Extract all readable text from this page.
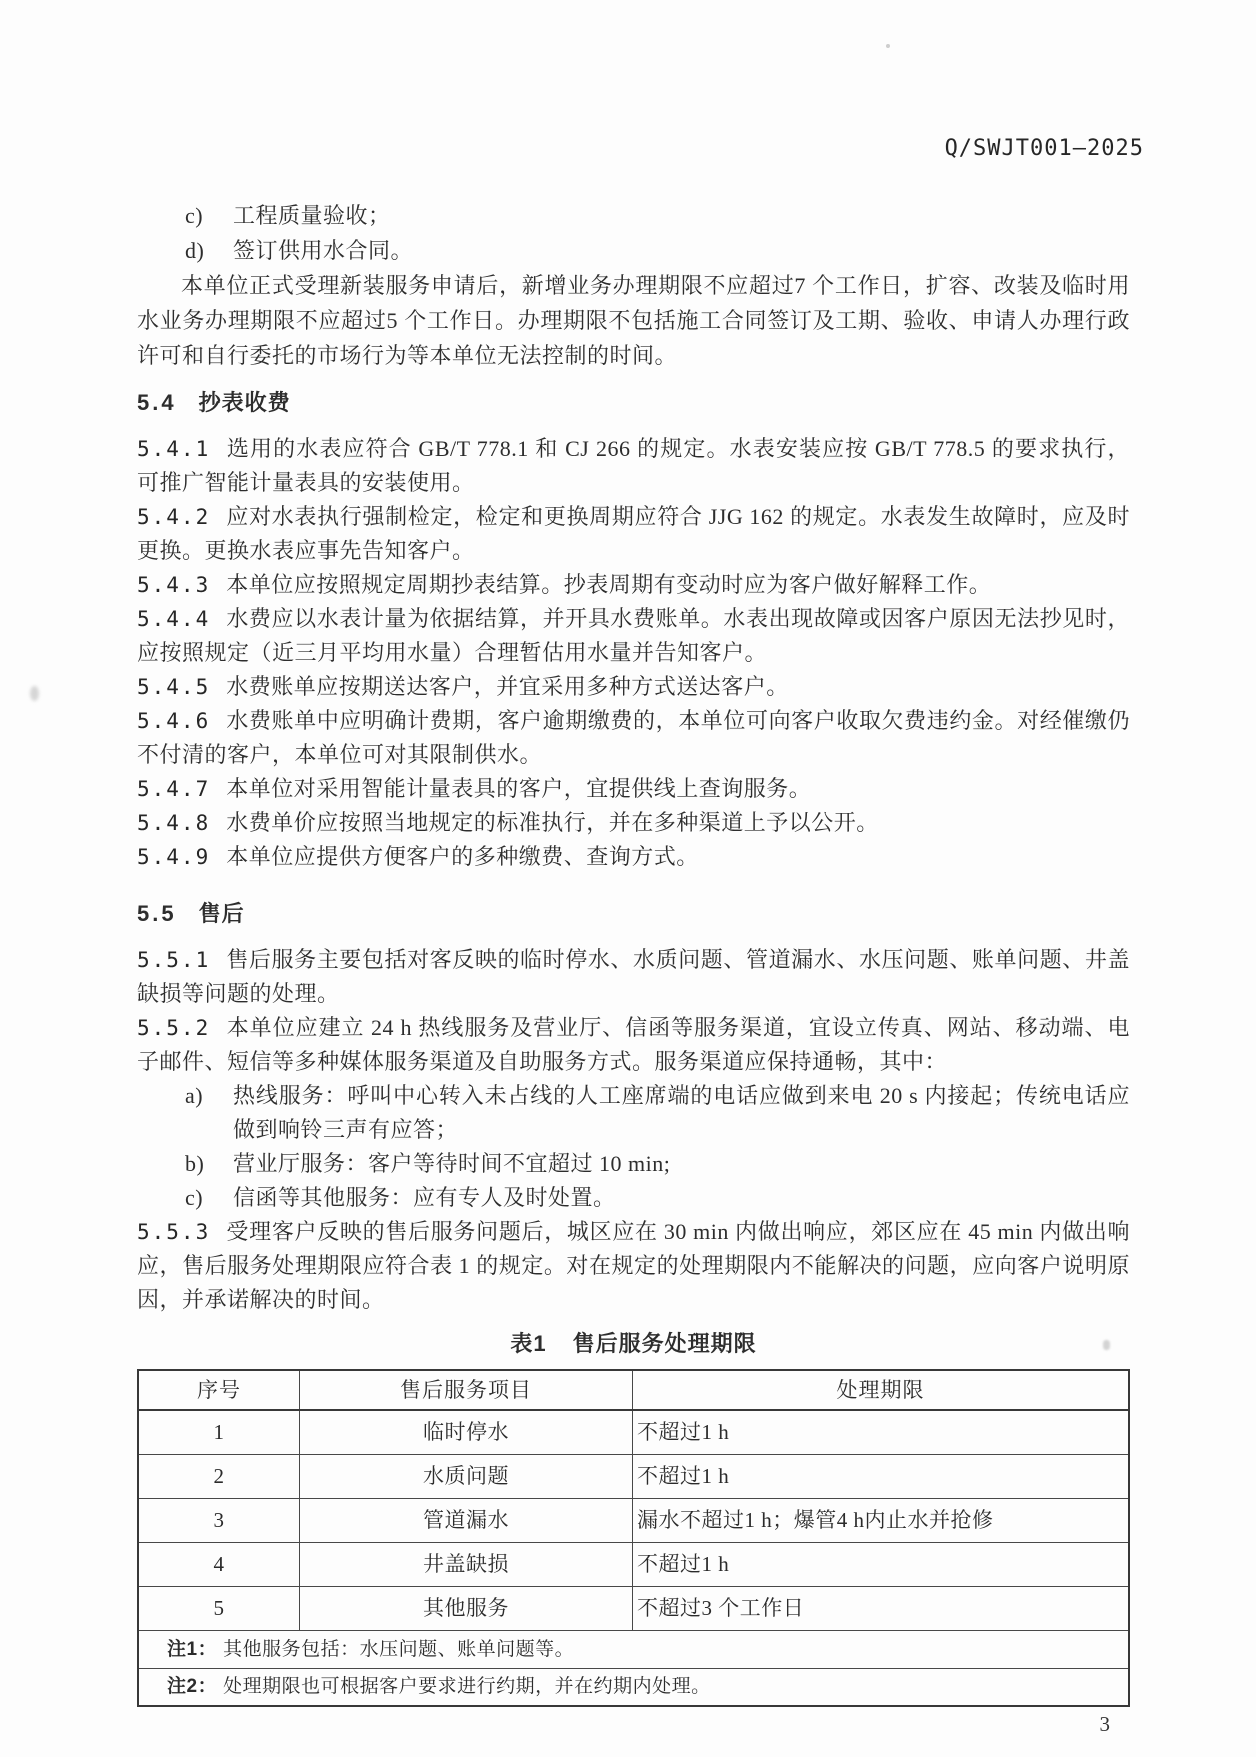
Q/SWJT001—2025

c) 工程质量验收；

d) 签订供用水合同。

本单位正式受理新装服务申请后，新增业务办理期限不应超过7 个工作日，扩容、改装及临时用水业务办理期限不应超过5 个工作日。办理期限不包括施工合同签订及工期、验收、申请人办理行政许可和自行委托的市场行为等本单位无法控制的时间。

5.4 抄表收费

5.4.1 选用的水表应符合 GB/T 778.1 和 CJ 266 的规定。水表安装应按 GB/T 778.5 的要求执行，可推广智能计量表具的安装使用。

5.4.2 应对水表执行强制检定，检定和更换周期应符合 JJG 162 的规定。水表发生故障时，应及时更换。更换水表应事先告知客户。

5.4.3 本单位应按照规定周期抄表结算。抄表周期有变动时应为客户做好解释工作。

5.4.4 水费应以水表计量为依据结算，并开具水费账单。水表出现故障或因客户原因无法抄见时，应按照规定（近三月平均用水量）合理暂估用水量并告知客户。

5.4.5 水费账单应按期送达客户，并宜采用多种方式送达客户。

5.4.6 水费账单中应明确计费期，客户逾期缴费的，本单位可向客户收取欠费违约金。对经催缴仍不付清的客户，本单位可对其限制供水。

5.4.7 本单位对采用智能计量表具的客户，宜提供线上查询服务。

5.4.8 水费单价应按照当地规定的标准执行，并在多种渠道上予以公开。

5.4.9 本单位应提供方便客户的多种缴费、查询方式。

5.5 售后

5.5.1 售后服务主要包括对客反映的临时停水、水质问题、管道漏水、水压问题、账单问题、井盖缺损等问题的处理。

5.5.2 本单位应建立 24 h 热线服务及营业厅、信函等服务渠道，宜设立传真、网站、移动端、电子邮件、短信等多种媒体服务渠道及自助服务方式。服务渠道应保持通畅，其中：

a) 热线服务：呼叫中心转入未占线的人工座席端的电话应做到来电 20 s 内接起；传统电话应做到响铃三声有应答；

b) 营业厅服务：客户等待时间不宜超过 10 min;

c) 信函等其他服务：应有专人及时处置。

5.5.3 受理客户反映的售后服务问题后，城区应在 30 min 内做出响应，郊区应在 45 min 内做出响应，售后服务处理期限应符合表 1 的规定。对在规定的处理期限内不能解决的问题，应向客户说明原因，并承诺解决的时间。

表1 售后服务处理期限
序号	售后服务项目	处理期限
1	临时停水	不超过1 h
2	水质问题	不超过1 h
3	管道漏水	漏水不超过1 h；爆管4 h内止水并抢修
4	井盖缺损	不超过1 h
5	其他服务	不超过3 个工作日
注1： 其他服务包括：水压问题、账单问题等。		
注2： 处理期限也可根据客户要求进行约期，并在约期内处理。		
3
